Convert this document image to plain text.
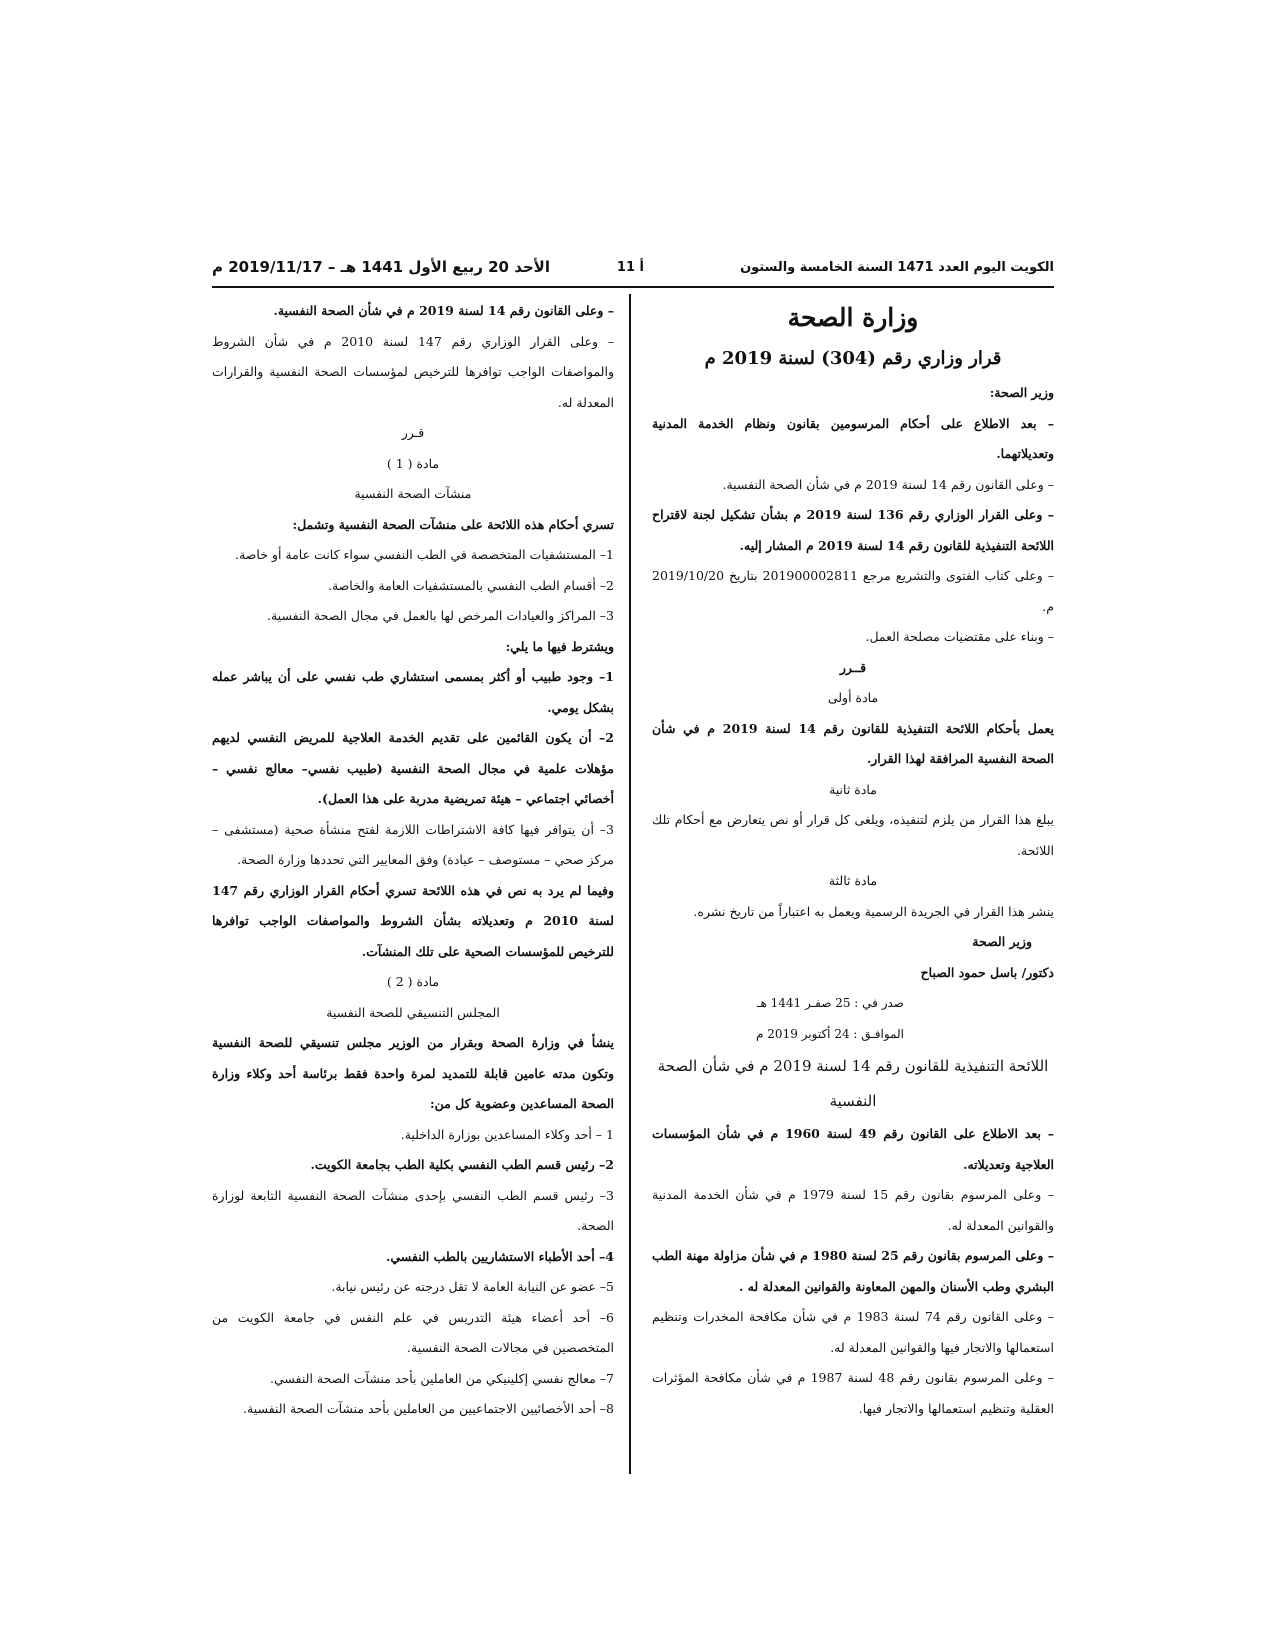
الكويت اليوم العدد 1471 السنة الخامسة والستون
أ 11
الأحد 20 ربيع الأول 1441 هـ – 2019/11/17 م

وزارة الصحة

قرار وزاري رقم (304) لسنة 2019 م

وزير الصحة:

– بعد الاطلاع على أحكام المرسومين بقانون ونظام الخدمة المدنية وتعديلاتهما.

– وعلى القانون رقم 14 لسنة 2019 م في شأن الصحة النفسية.

– وعلى القرار الوزاري رقم 136 لسنة 2019 م بشأن تشكيل لجنة لاقتراح اللائحة التنفيذية للقانون رقم 14 لسنة 2019 م المشار إليه.

– وعلى كتاب الفتوى والتشريع مرجع 201900002811 بتاريخ 2019/10/20 م.

– وبناء على مقتضيات مصلحة العمل.

قــرر

مادة أولى

يعمل بأحكام اللائحة التنفيذية للقانون رقم 14 لسنة 2019 م في شأن الصحة النفسية المرافقة لهذا القرار.

مادة ثانية

يبلغ هذا القرار من يلزم لتنفيذه، ويلغى كل قرار أو نص يتعارض مع أحكام تلك اللائحة.

مادة ثالثة

ينشر هذا القرار في الجريدة الرسمية ويعمل به اعتباراً من تاريخ نشره.

وزير الصحة

دكتور/ باسل حمود الصباح

صدر في : 25 صفـر 1441 هـ

الموافـق : 24 أكتوبر 2019 م

اللائحة التنفيذية للقانون رقم 14 لسنة 2019 م في شأن الصحة النفسية

– بعد الاطلاع على القانون رقم 49 لسنة 1960 م في شأن المؤسسات العلاجية وتعديلاته.

– وعلى المرسوم بقانون رقم 15 لسنة 1979 م في شأن الخدمة المدنية والقوانين المعدلة له.

– وعلى المرسوم بقانون رقم 25 لسنة 1980 م في شأن مزاولة مهنة الطب البشري وطب الأسنان والمهن المعاونة والقوانين المعدلة له .

– وعلى القانون رقم 74 لسنة 1983 م في شأن مكافحة المخدرات وتنظيم استعمالها والاتجار فيها والقوانين المعدلة له.

– وعلى المرسوم بقانون رقم 48 لسنة 1987 م في شأن مكافحة المؤثرات العقلية وتنظيم استعمالها والاتجار فيها.

– وعلى القانون رقم 14 لسنة 2019 م في شأن الصحة النفسية.

– وعلى القرار الوزاري رقم 147 لسنة 2010 م في شأن الشروط والمواصفات الواجب توافرها للترخيص لمؤسسات الصحة النفسية والقرارات المعدلة له.

قـرر

مادة ( 1 )

منشآت الصحة النفسية

تسري أحكام هذه اللائحة على منشآت الصحة النفسية وتشمل:

1– المستشفيات المتخصصة في الطب النفسي سواء كانت عامة أو خاصة.

2– أقسام الطب النفسي بالمستشفيات العامة والخاصة.

3– المراكز والعيادات المرخص لها بالعمل في مجال الصحة النفسية.

ويشترط فيها ما يلي:

1– وجود طبيب أو أكثر بمسمى استشاري طب نفسي على أن يباشر عمله بشكل يومي.

2– أن يكون القائمين على تقديم الخدمة العلاجية للمريض النفسي لديهم مؤهلات علمية في مجال الصحة النفسية (طبيب نفسي– معالج نفسي – أخصائي اجتماعي – هيئة تمريضية مدربة على هذا العمل).

3– أن يتوافر فيها كافة الاشتراطات اللازمة لفتح منشأة صحية (مستشفى – مركز صحي – مستوصف – عيادة) وفق المعايير التي تحددها وزارة الصحة.

وفيما لم يرد به نص في هذه اللائحة تسري أحكام القرار الوزاري رقم 147 لسنة 2010 م وتعديلاته بشأن الشروط والمواصفات الواجب توافرها للترخيص للمؤسسات الصحية على تلك المنشآت.

مادة ( 2 )

المجلس التنسيقي للصحة النفسية

ينشأ في وزارة الصحة وبقرار من الوزير مجلس تنسيقي للصحة النفسية وتكون مدته عامين قابلة للتمديد لمرة واحدة فقط برئاسة أحد وكلاء وزارة الصحة المساعدين وعضوية كل من:

1 – أحد وكلاء المساعدين بوزارة الداخلية.

2– رئيس قسم الطب النفسي بكلية الطب بجامعة الكويت.

3– رئيس قسم الطب النفسي بإحدى منشآت الصحة النفسية التابعة لوزارة الصحة.

4– أحد الأطباء الاستشاريين بالطب النفسي.

5– عضو عن النيابة العامة لا تقل درجته عن رئيس نيابة.

6– أحد أعضاء هيئة التدريس في علم النفس في جامعة الكويت من المتخصصين في مجالات الصحة النفسية.

7– معالج نفسي إكلينيكي من العاملين بأحد منشآت الصحة النفسي.

8– أحد الأخصائيين الاجتماعيين من العاملين بأحد منشآت الصحة النفسية.
